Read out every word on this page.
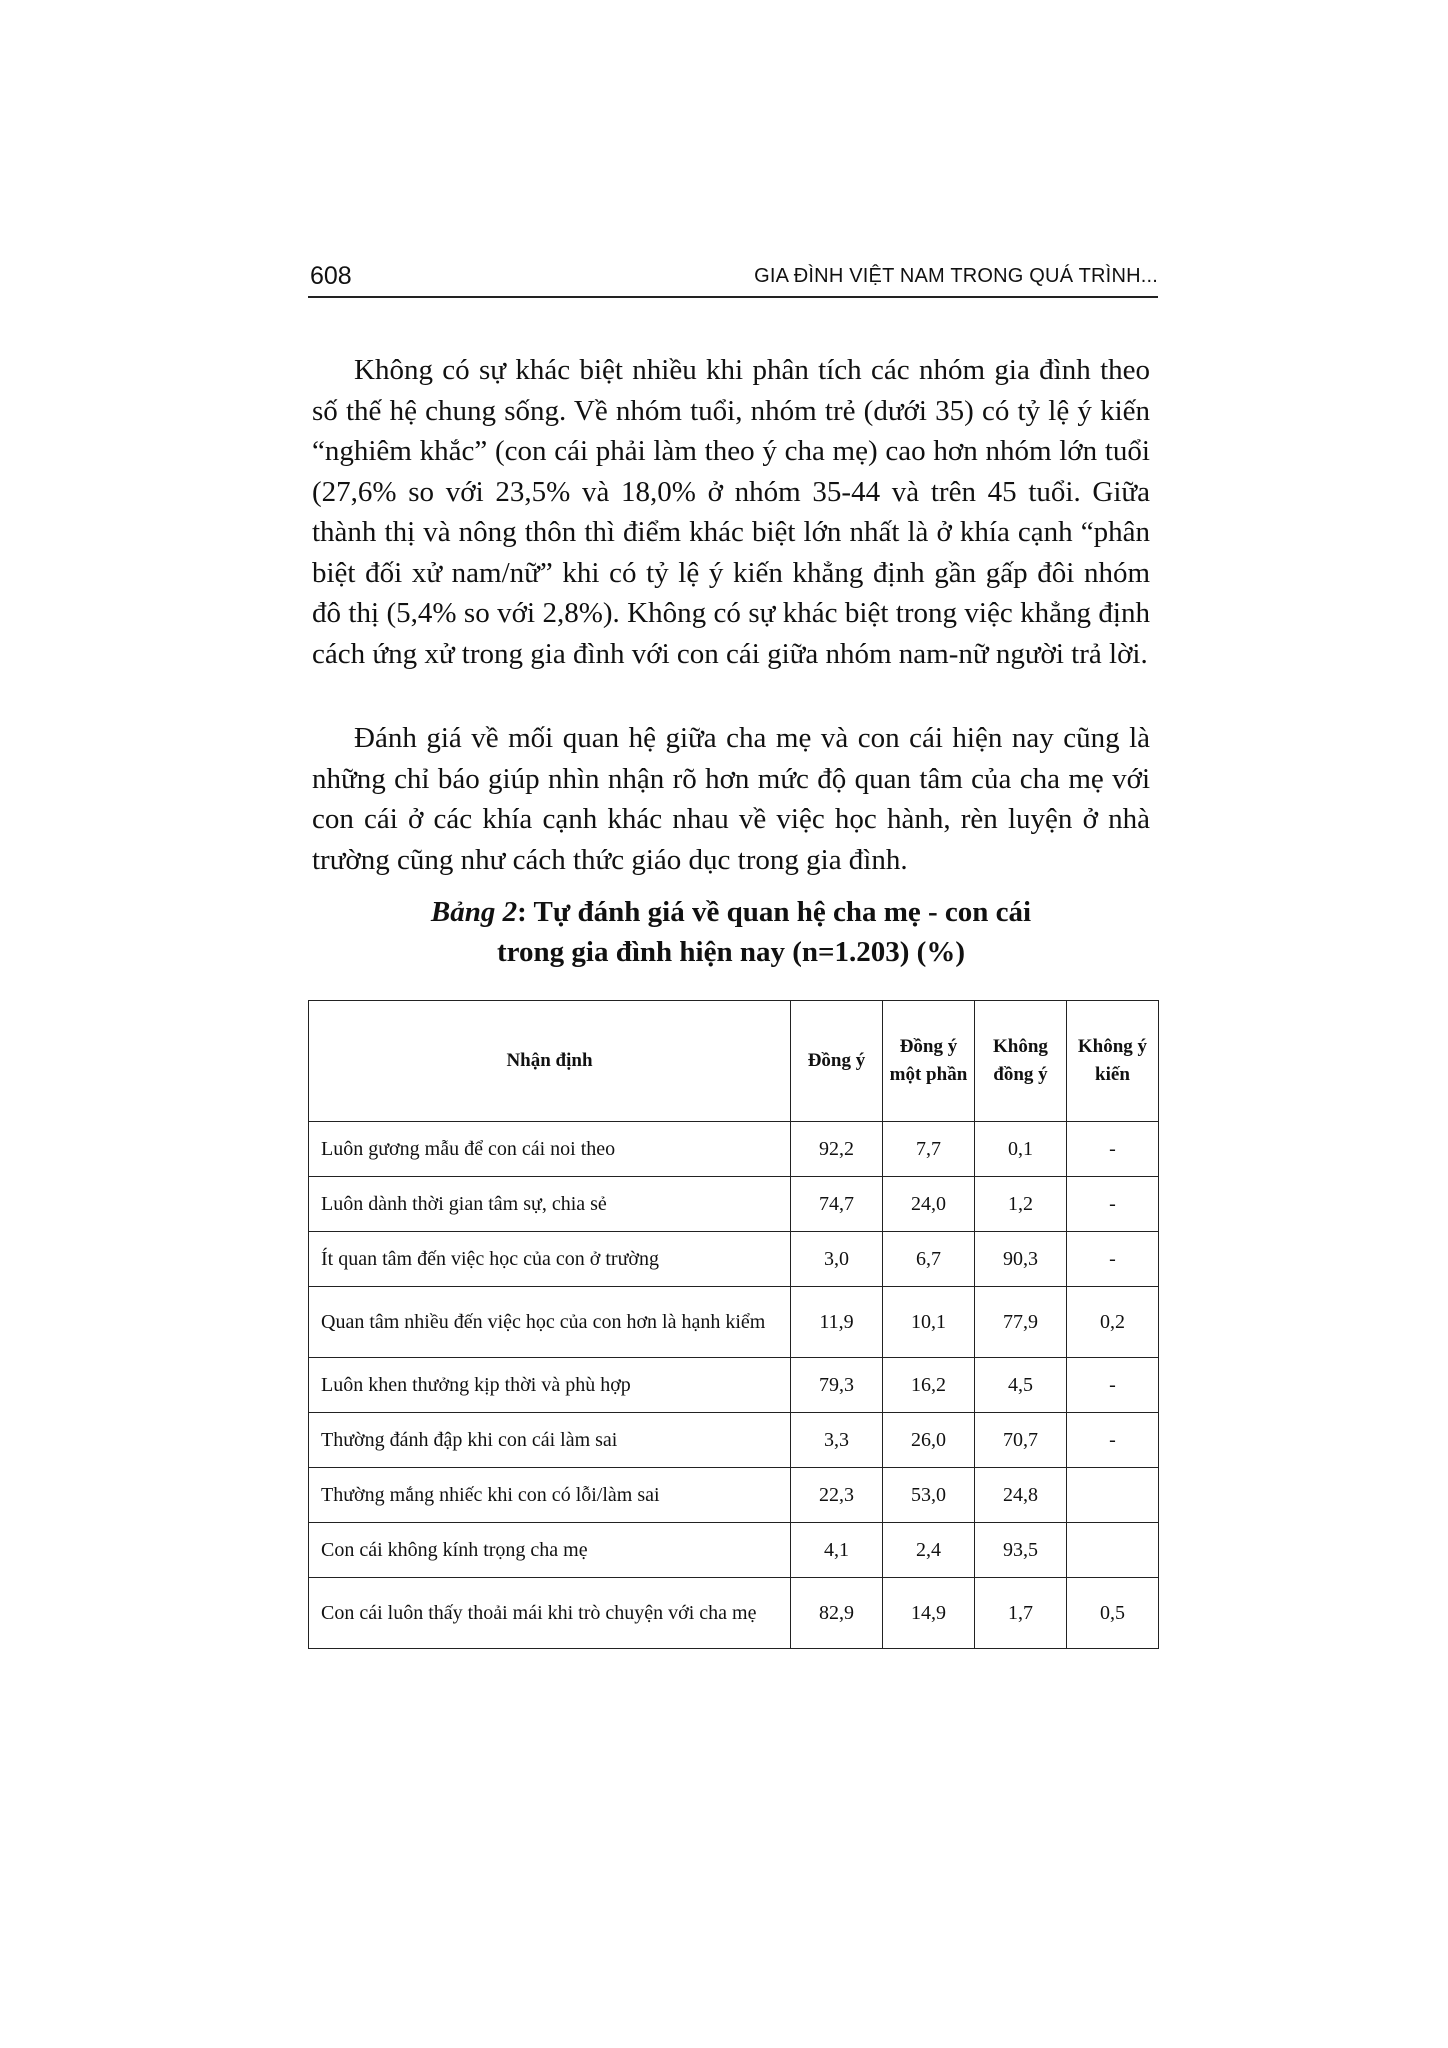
608	GIA ĐÌNH VIỆT NAM TRONG QUÁ TRÌNH...

Không có sự khác biệt nhiều khi phân tích các nhóm gia đình theo số thế hệ chung sống. Về nhóm tuổi, nhóm trẻ (dưới 35) có tỷ lệ ý kiến “nghiêm khắc” (con cái phải làm theo ý cha mẹ) cao hơn nhóm lớn tuổi (27,6% so với 23,5% và 18,0% ở nhóm 35-44 và trên 45 tuổi. Giữa thành thị và nông thôn thì điểm khác biệt lớn nhất là ở khía cạnh “phân biệt đối xử nam/nữ” khi có tỷ lệ ý kiến khẳng định gần gấp đôi nhóm đô thị (5,4% so với 2,8%). Không có sự khác biệt trong việc khẳng định cách ứng xử trong gia đình với con cái giữa nhóm nam-nữ người trả lời.

Đánh giá về mối quan hệ giữa cha mẹ và con cái hiện nay cũng là những chỉ báo giúp nhìn nhận rõ hơn mức độ quan tâm của cha mẹ với con cái ở các khía cạnh khác nhau về việc học hành, rèn luyện ở nhà trường cũng như cách thức giáo dục trong gia đình.

Bảng 2: Tự đánh giá về quan hệ cha mẹ - con cái
trong gia đình hiện nay (n=1.203) (%)

Nhận định	Đồng ý	Đồng ý một phần	Không đồng ý	Không ý kiến
Luôn gương mẫu để con cái noi theo	92,2	7,7	0,1	-
Luôn dành thời gian tâm sự, chia sẻ	74,7	24,0	1,2	-
Ít quan tâm đến việc học của con ở trường	3,0	6,7	90,3	-
Quan tâm nhiều đến việc học của con hơn là hạnh kiểm	11,9	10,1	77,9	0,2
Luôn khen thưởng kịp thời và phù hợp	79,3	16,2	4,5	-
Thường đánh đập khi con cái làm sai	3,3	26,0	70,7	-
Thường mắng nhiếc khi con có lỗi/làm sai	22,3	53,0	24,8	
Con cái không kính trọng cha mẹ	4,1	2,4	93,5	
Con cái luôn thấy thoải mái khi trò chuyện với cha mẹ	82,9	14,9	1,7	0,5
